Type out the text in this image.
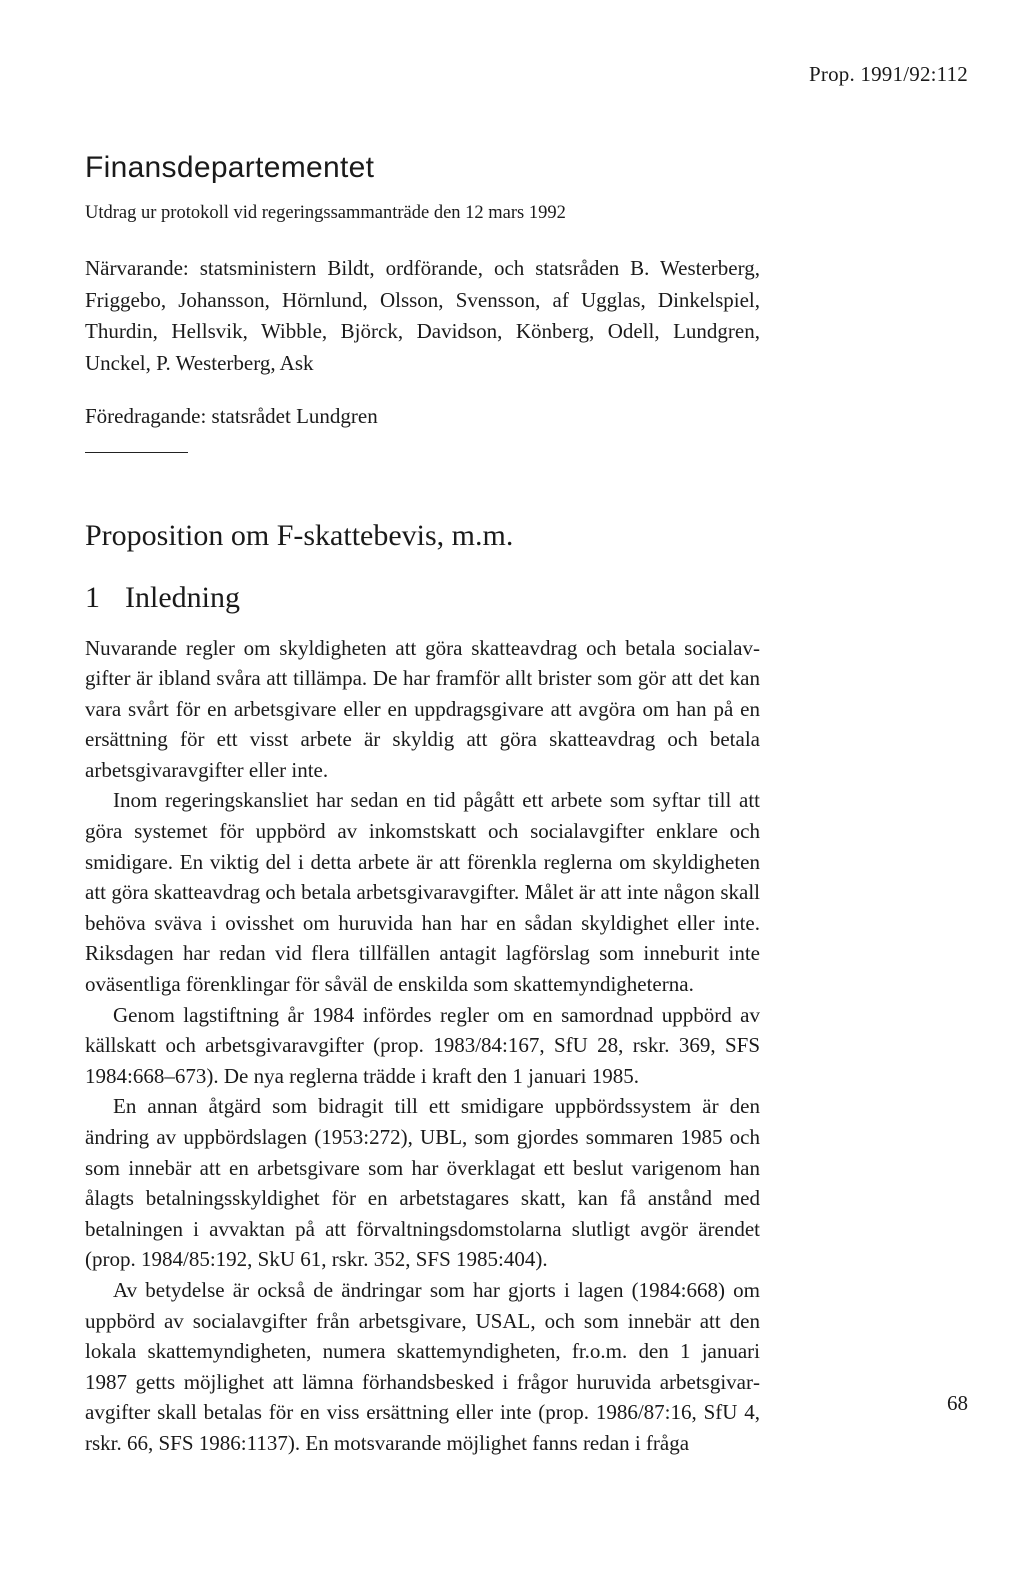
Prop. 1991/92:112
Finansdepartementet

Utdrag ur protokoll vid regeringssammanträde den 12 mars 1992

Närvarande: statsministern Bildt, ordförande, och statsråden B. Westerberg, Friggebo, Johansson, Hörnlund, Olsson, Svensson, af Ugglas, Dinkelspiel, Thurdin, Hellsvik, Wibble, Björck, Davidson, Könberg, Odell, Lundgren, Unckel, P. Westerberg, Ask

Föredragande: statsrådet Lundgren

Proposition om F-skattebevis, m.m.
1 Inledning

Nuvarande regler om skyldigheten att göra skatteavdrag och betala socialavgifter är ibland svåra att tillämpa. De har framför allt brister som gör att det kan vara svårt för en arbetsgivare eller en uppdragsgivare att avgöra om han på en ersättning för ett visst arbete är skyldig att göra skatteavdrag och betala arbetsgivaravgifter eller inte.

Inom regeringskansliet har sedan en tid pågått ett arbete som syftar till att göra systemet för uppbörd av inkomstskatt och socialavgifter enklare och smidigare. En viktig del i detta arbete är att förenkla reglerna om skyldigheten att göra skatteavdrag och betala arbetsgivaravgifter. Målet är att inte någon skall behöva sväva i ovisshet om huruvida han har en sådan skyldighet eller inte. Riksdagen har redan vid flera tillfällen antagit lagförslag som inneburit inte oväsentliga förenklingar för såväl de enskilda som skattemyndigheterna.

Genom lagstiftning år 1984 infördes regler om en samordnad uppbörd av källskatt och arbetsgivaravgifter (prop. 1983/84:167, SfU 28, rskr. 369, SFS 1984:668–673). De nya reglerna trädde i kraft den 1 januari 1985.

En annan åtgärd som bidragit till ett smidigare uppbördssystem är den ändring av uppbördslagen (1953:272), UBL, som gjordes sommaren 1985 och som innebär att en arbetsgivare som har överklagat ett beslut varigenom han ålagts betalningsskyldighet för en arbetstagares skatt, kan få anstånd med betalningen i avvaktan på att förvaltningsdomstolarna slutligt avgör ärendet (prop. 1984/85:192, SkU 61, rskr. 352, SFS 1985:404).

Av betydelse är också de ändringar som har gjorts i lagen (1984:668) om uppbörd av socialavgifter från arbetsgivare, USAL, och som innebär att den lokala skattemyndigheten, numera skattemyndigheten, fr.o.m. den 1 januari 1987 getts möjlighet att lämna förhandsbesked i frågor huruvida arbetsgivaravgifter skall betalas för en viss ersättning eller inte (prop. 1986/87:16, SfU 4, rskr. 66, SFS 1986:1137). En motsvarande möjlighet fanns redan i fråga

68
